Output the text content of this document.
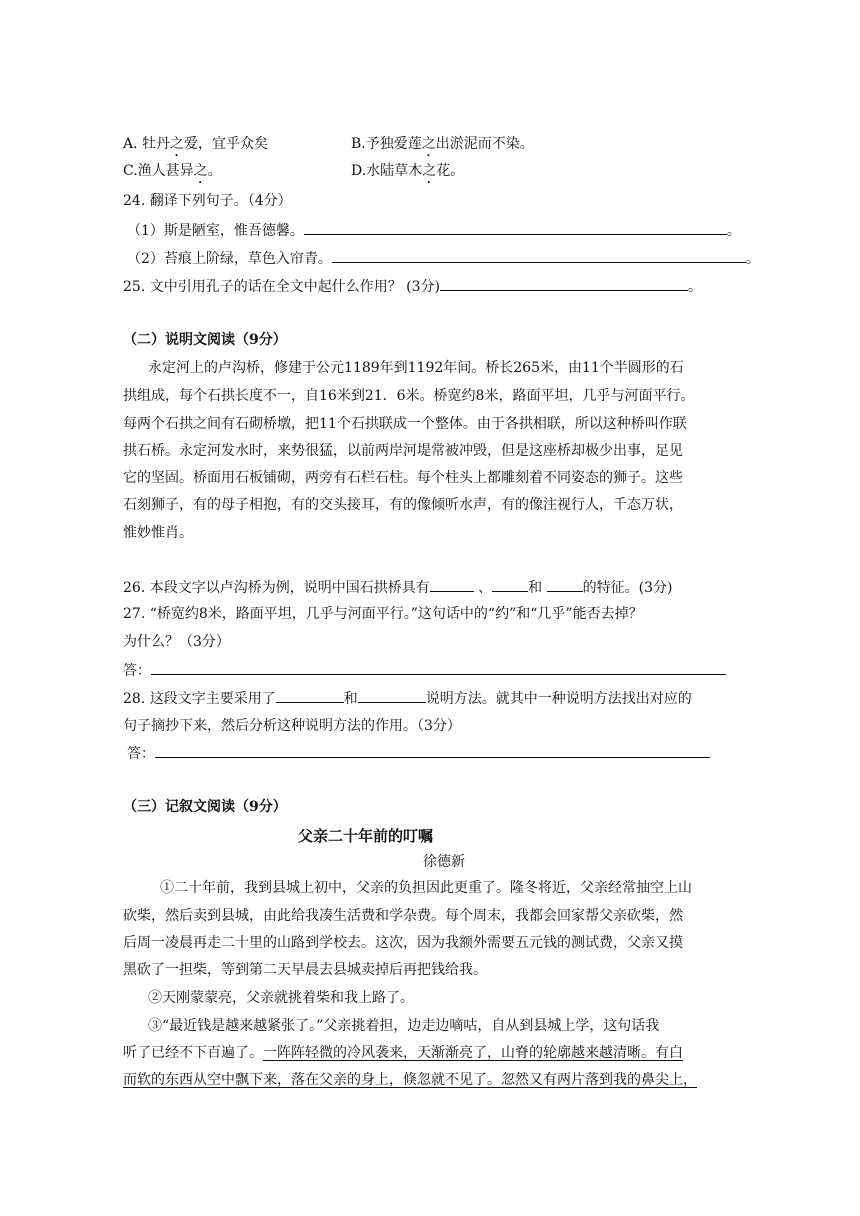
A. 牡丹之爱，宜乎众矣	B.予独爱莲之出淤泥而不染。
C.渔人甚异之。	D.水陆草木之花。
24. 翻译下列句子。（4分）
（1）斯是陋室，惟吾德馨。	。
（2）苔痕上阶绿，草色入帘青。	。
25. 文中引用孔子的话在全文中起什么作用？ (3分)	。
（二）说明文阅读（9分）
永定河上的卢沟桥，修建于公元1189年到1192年间。桥长265米，由11个半圆形的石
拱组成，每个石拱长度不一，自16米到21．6米。桥宽约8米，路面平坦，几乎与河面平行。
每两个石拱之间有石砌桥墩，把11个石拱联成一个整体。由于各拱相联，所以这种桥叫作联
拱石桥。永定河发水时，来势很猛，以前两岸河堤常被冲毁，但是这座桥却极少出事，足见
它的坚固。桥面用石板铺砌，两旁有石栏石柱。每个柱头上都雕刻着不同姿态的狮子。这些
石刻狮子，有的母子相抱，有的交头接耳，有的像倾听水声，有的像注视行人，千态万状，
惟妙惟肖。
26. 本段文字以卢沟桥为例，说明中国石拱桥具有	、	和	的特征。(3分)
27. “桥宽约8米，路面平坦，几乎与河面平行。”这句话中的“约”和“几乎”能否去掉？
为什么？（3分）
答：
28. 这段文字主要采用了	和	说明方法。就其中一种说明方法找出对应的
句子摘抄下来，然后分析这种说明方法的作用。（3分）
答：
（三）记叙文阅读（9分）
父亲二十年前的叮嘱
徐德新
①二十年前，我到县城上初中，父亲的负担因此更重了。隆冬将近，父亲经常抽空上山
砍柴，然后卖到县城，由此给我凑生活费和学杂费。每个周末，我都会回家帮父亲砍柴，然
后周一凌晨再走二十里的山路到学校去。这次，因为我额外需要五元钱的测试费，父亲又摸
黑砍了一担柴，等到第二天早晨去县城卖掉后再把钱给我。
②天刚蒙蒙亮，父亲就挑着柴和我上路了。
③“最近钱是越来越紧张了。”父亲挑着担，边走边嘀咕，自从到县城上学，这句话我
听了已经不下百遍了。一阵阵轻微的冷风袭来，天渐渐亮了，山脊的轮廓越来越清晰。有白
而软的东西从空中飘下来，落在父亲的身上，倏忽就不见了。忽然又有两片落到我的鼻尖上，
